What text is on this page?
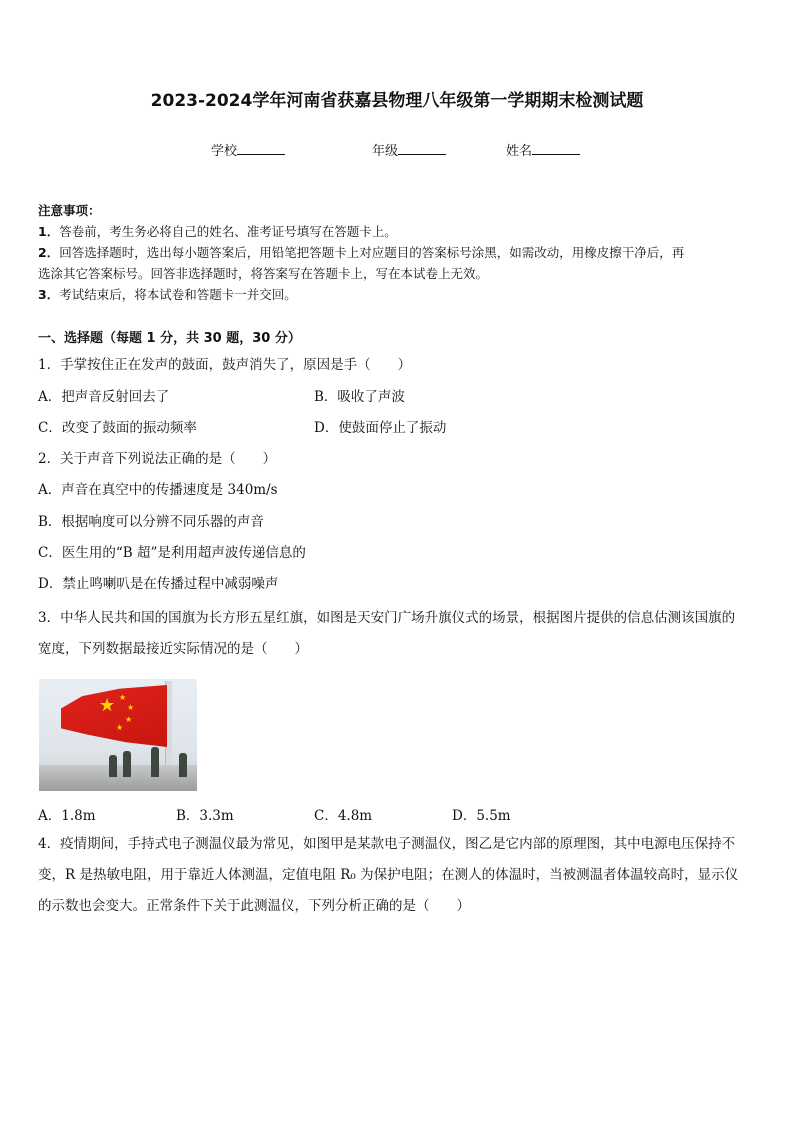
2023-2024学年河南省获嘉县物理八年级第一学期期末检测试题
学校	年级	姓名
注意事项：
1．答卷前，考生务必将自己的姓名、准考证号填写在答题卡上。
2．回答选择题时，选出每小题答案后，用铅笔把答题卡上对应题目的答案标号涂黑，如需改动，用橡皮擦干净后，再
选涂其它答案标号。回答非选择题时，将答案写在答题卡上，写在本试卷上无效。
3．考试结束后，将本试卷和答题卡一并交回。
一、选择题（每题 1 分，共 30 题，30 分）
1．手掌按住正在发声的鼓面，鼓声消失了，原因是手（　　）
A．把声音反射回去了	B．吸收了声波
C．改变了鼓面的振动频率	D．使鼓面停止了振动
2．关于声音下列说法正确的是（　　）
A．声音在真空中的传播速度是 340m/s
B．根据响度可以分辨不同乐器的声音
C．医生用的“B 超”是利用超声波传递信息的
D．禁止鸣喇叭是在传播过程中减弱噪声
3．中华人民共和国的国旗为长方形五星红旗，如图是天安门广场升旗仪式的场景，根据图片提供的信息估测该国旗的
宽度，下列数据最接近实际情况的是（　　）
★ ★
★
★
★
A．1.8m	B．3.3m	C．4.8m	D．5.5m
4．疫情期间，手持式电子测温仪最为常见，如图甲是某款电子测温仪，图乙是它内部的原理图，其中电源电压保持不
变，R 是热敏电阻，用于靠近人体测温，定值电阻 R₀ 为保护电阻；在测人的体温时，当被测温者体温较高时，显示仪
的示数也会变大。正常条件下关于此测温仪，下列分析正确的是（　　）
